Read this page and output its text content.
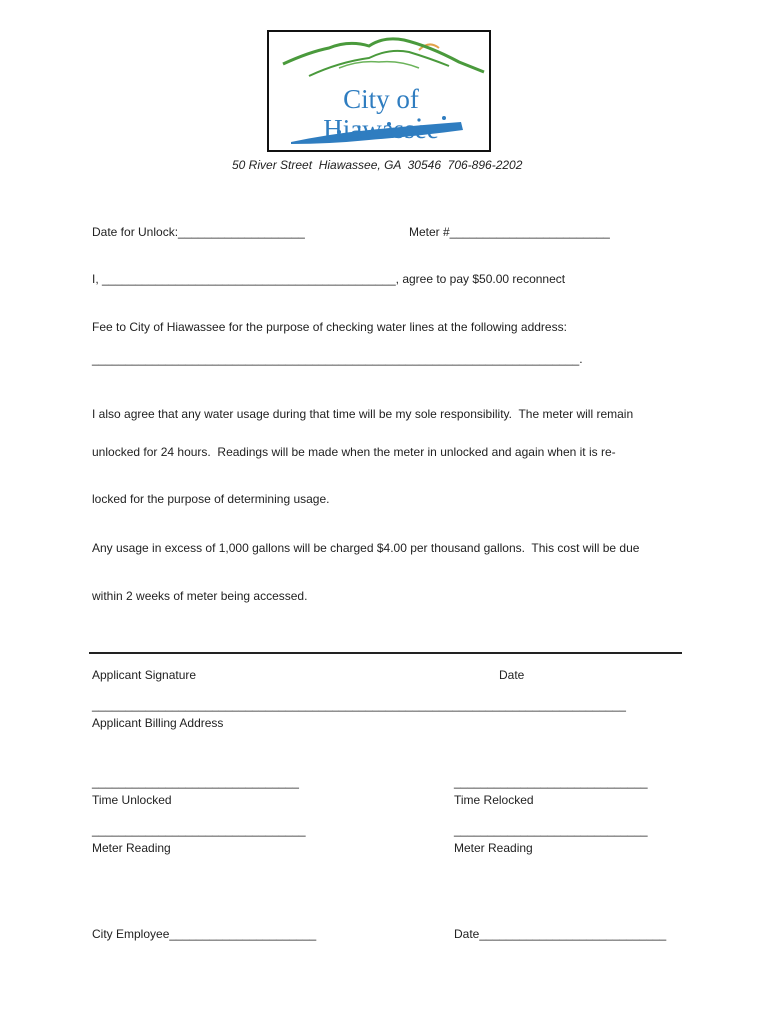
City of Hiawassee
50 River Street  Hiawassee, GA  30546  706-896-2202
Date for Unlock:___________________	Meter #________________________
I, ____________________________________________, agree to pay $50.00 reconnect
Fee to City of Hiawassee for the purpose of checking water lines at the following address:
_________________________________________________________________________.
I also agree that any water usage during that time will be my sole responsibility.  The meter will remain
unlocked for 24 hours.  Readings will be made when the meter in unlocked and again when it is re-
locked for the purpose of determining usage.
Any usage in excess of 1,000 gallons will be charged $4.00 per thousand gallons.  This cost will be due
within 2 weeks of meter being accessed.
Applicant Signature	Date
________________________________________________________________________________
Applicant Billing Address
_______________________________
Time Unlocked
_____________________________
Time Relocked
________________________________
Meter Reading
_____________________________
Meter Reading
City Employee______________________	Date____________________________
